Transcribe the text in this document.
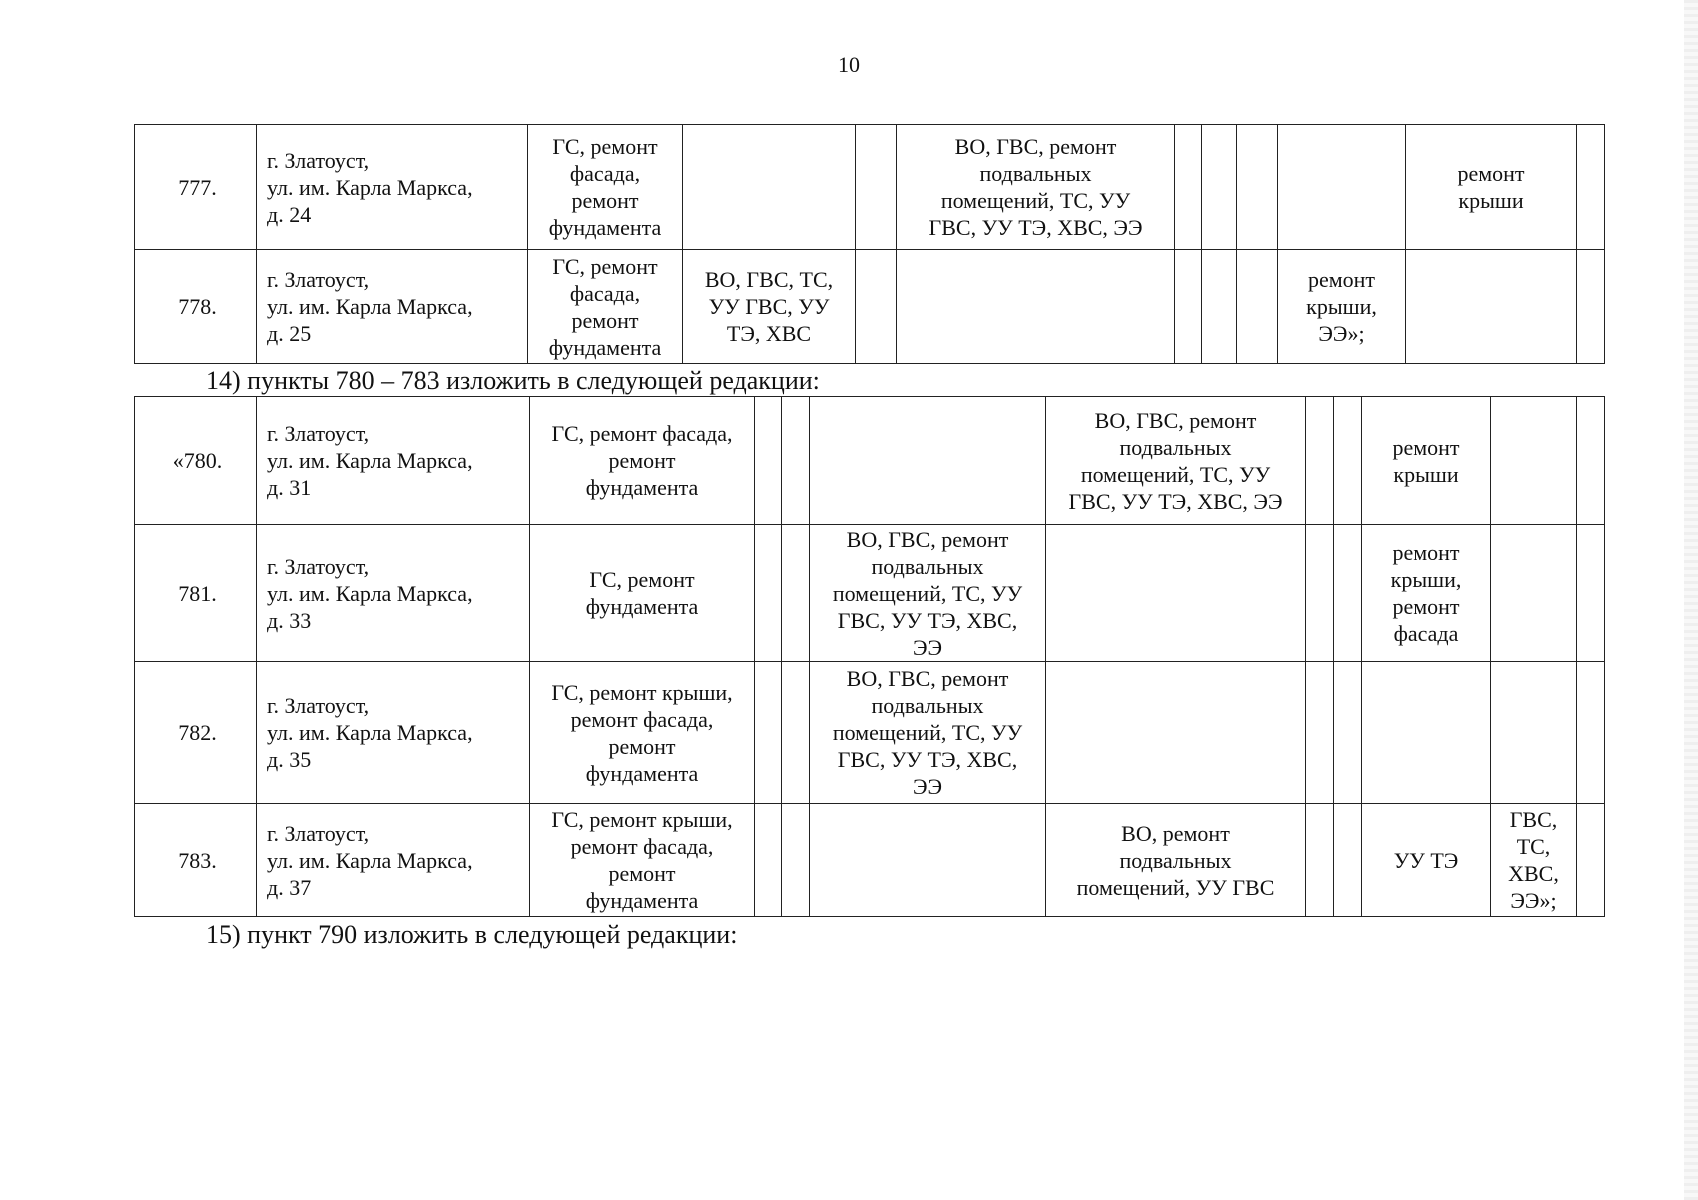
10
777.	г. Златоуст,
ул. им. Карла Маркса,
д. 24	ГС, ремонт
фасада,
ремонт
фундамента			ВО, ГВС, ремонт
подвальных
помещений, ТС, УУ
ГВС, УУ ТЭ, ХВС, ЭЭ					ремонт
крыши	
778.	г. Златоуст,
ул. им. Карла Маркса,
д. 25	ГС, ремонт
фасада,
ремонт
фундамента	ВО, ГВС, ТС,
УУ ГВС, УУ
ТЭ, ХВС						ремонт
крыши,
ЭЭ»;		
14) пункты 780 – 783 изложить в следующей редакции:
«780.	г. Златоуст,
ул. им. Карла Маркса,
д. 31	ГС, ремонт фасада,
ремонт
фундамента				ВО, ГВС, ремонт
подвальных
помещений, ТС, УУ
ГВС, УУ ТЭ, ХВС, ЭЭ			ремонт
крыши		
781.	г. Златоуст,
ул. им. Карла Маркса,
д. 33	ГС, ремонт
фундамента			ВО, ГВС, ремонт
подвальных
помещений, ТС, УУ
ГВС, УУ ТЭ, ХВС,
ЭЭ				ремонт
крыши,
ремонт
фасада		
782.	г. Златоуст,
ул. им. Карла Маркса,
д. 35	ГС, ремонт крыши,
ремонт фасада,
ремонт
фундамента			ВО, ГВС, ремонт
подвальных
помещений, ТС, УУ
ГВС, УУ ТЭ, ХВС,
ЭЭ						
783.	г. Златоуст,
ул. им. Карла Маркса,
д. 37	ГС, ремонт крыши,
ремонт фасада,
ремонт
фундамента				ВО, ремонт
подвальных
помещений, УУ ГВС			УУ ТЭ	ГВС,
ТС,
ХВС,
ЭЭ»;	
15) пункт 790 изложить в следующей редакции:
